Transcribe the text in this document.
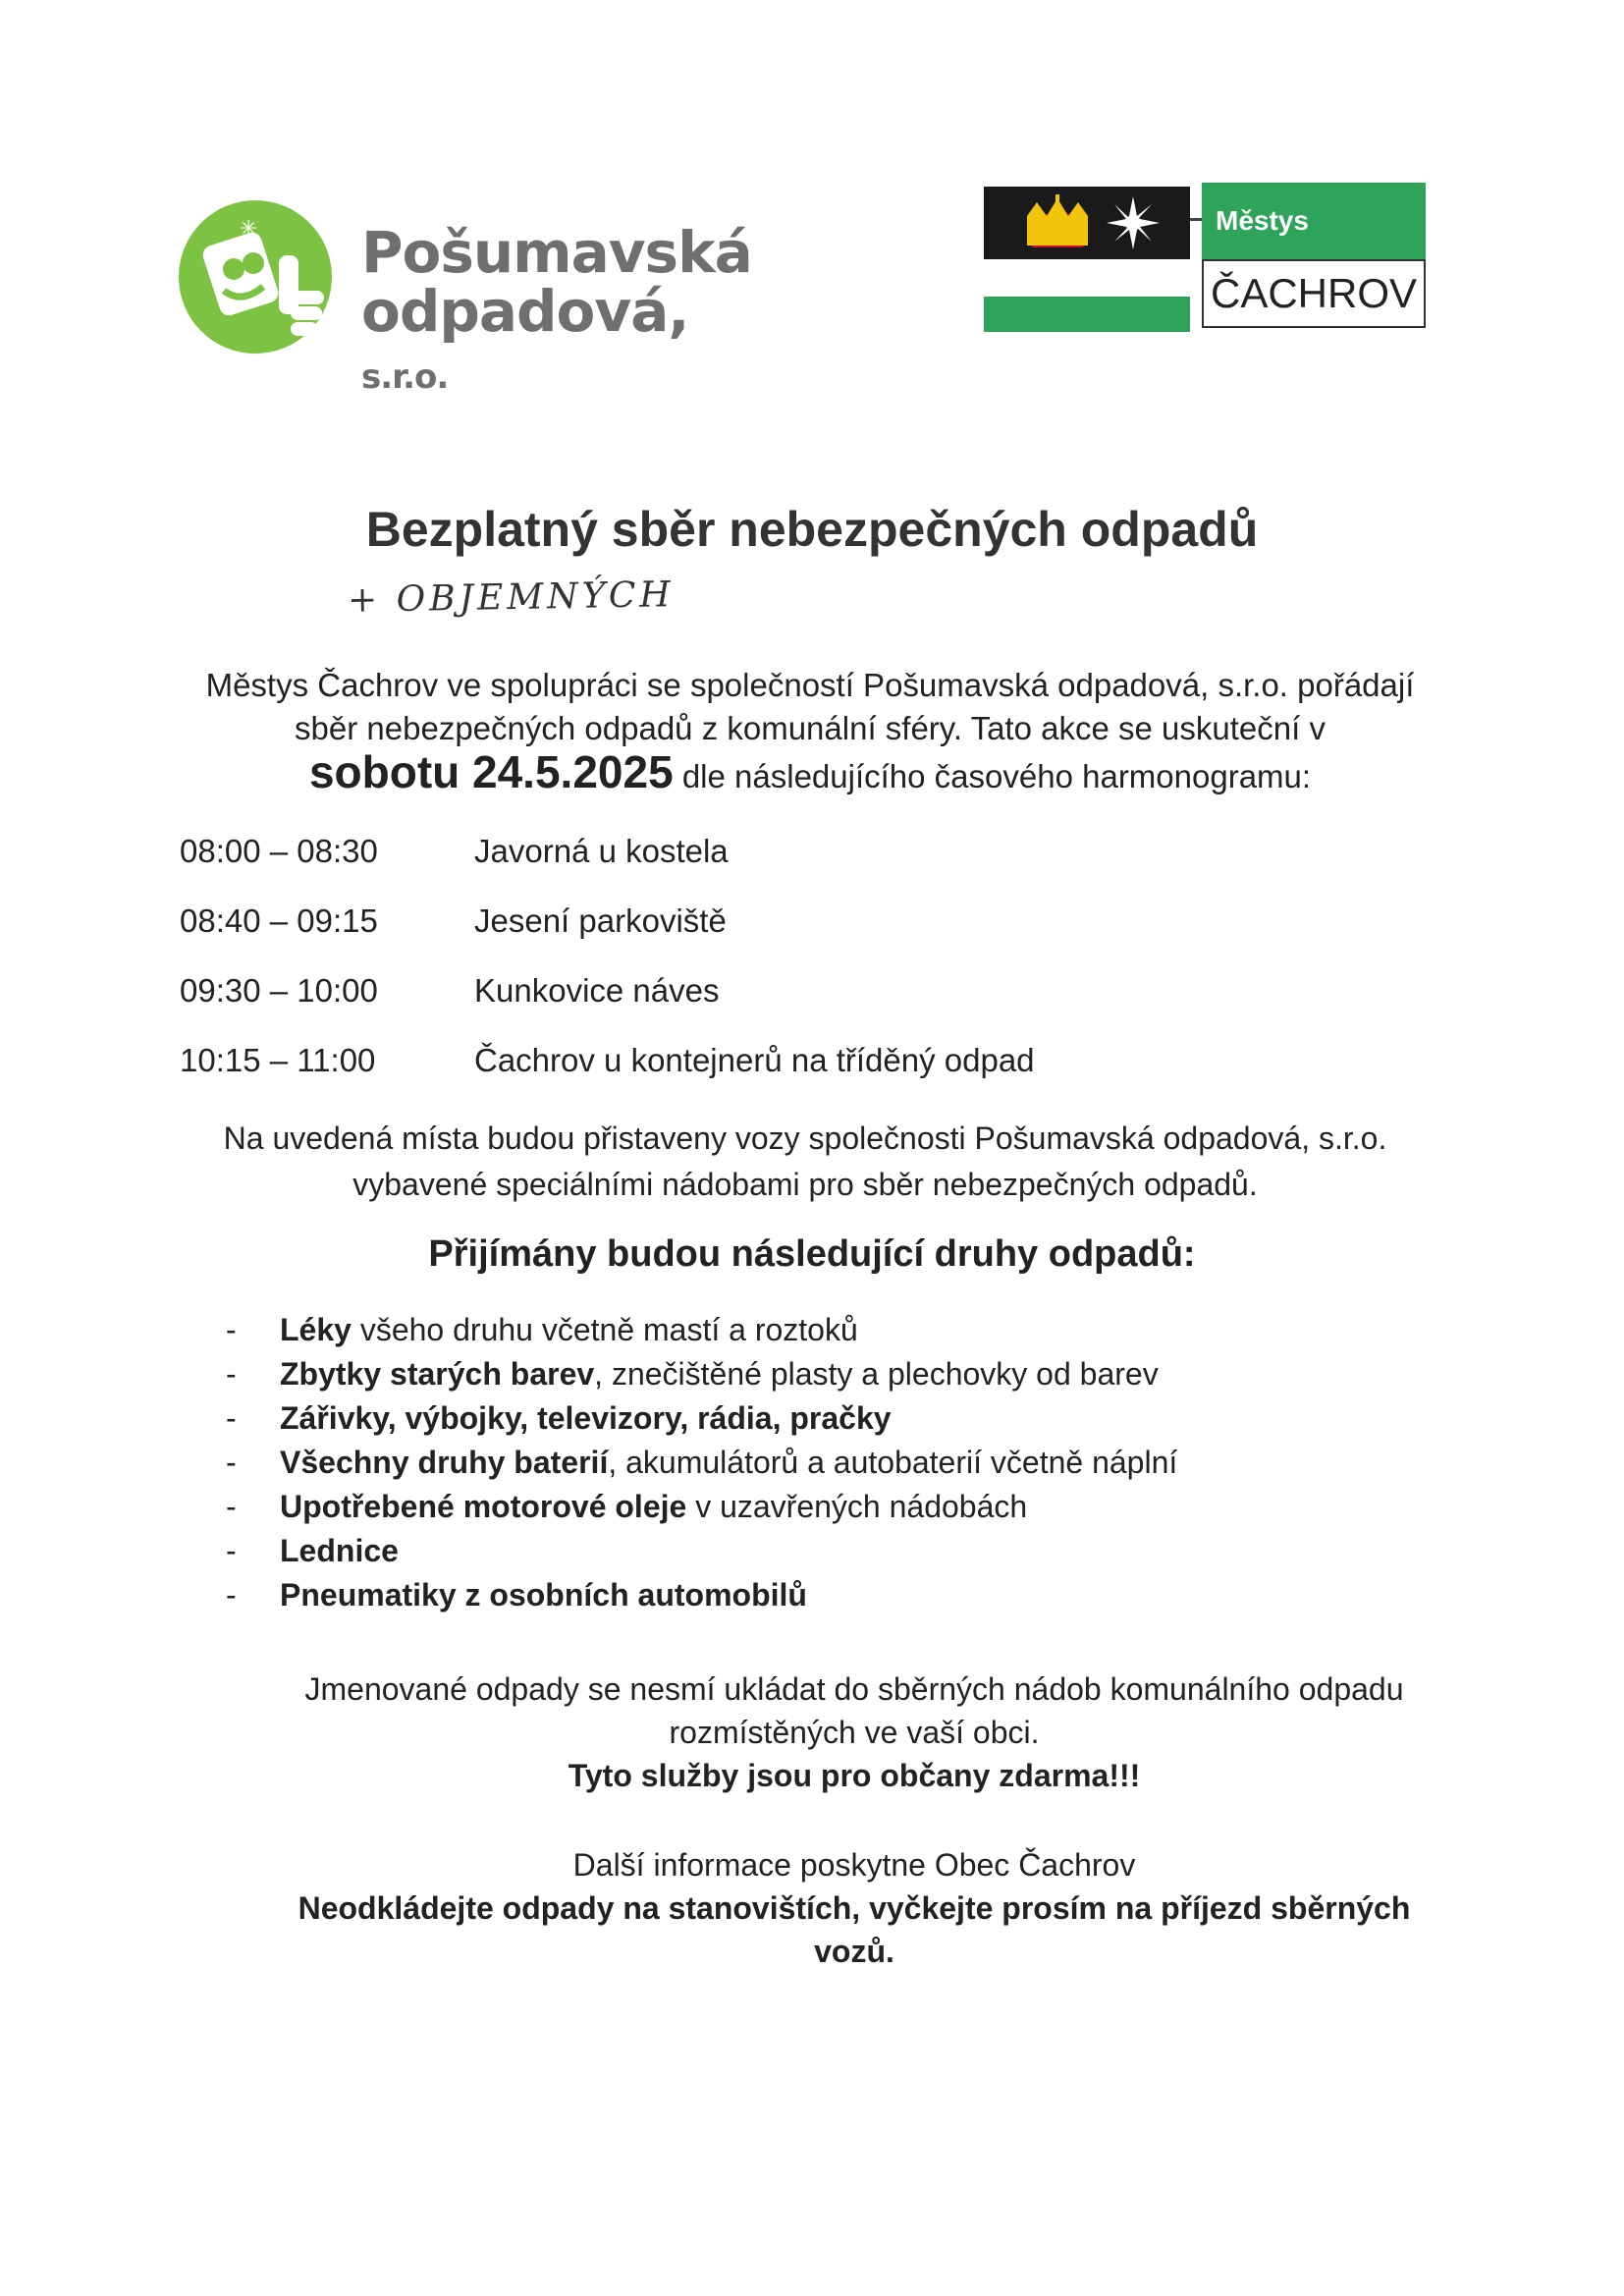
✳ Pošumavská
odpadová, s.r.o.
Městys
ČACHROV
Bezplatný sběr nebezpečných odpadů
+ OBJEMNÝCH
Městys Čachrov ve spolupráci se společností Pošumavská odpadová, s.r.o. pořádají
sběr nebezpečných odpadů z komunální sféry. Tato akce se uskuteční v
sobotu 24.5.2025 dle následujícího časového harmonogramu:
08:00 – 08:30	Javorná u kostela
08:40 – 09:15	Jesení parkoviště
09:30 – 10:00	Kunkovice náves
10:15 – 11:00	Čachrov u kontejnerů na tříděný odpad
Na uvedená místa budou přistaveny vozy společnosti Pošumavská odpadová, s.r.o.
vybavené speciálními nádobami pro sběr nebezpečných odpadů.
Přijímány budou následující druhy odpadů:
- Léky všeho druhu včetně mastí a roztoků
- Zbytky starých barev, znečištěné plasty a plechovky od barev
- Zářivky, výbojky, televizory, rádia, pračky
- Všechny druhy baterií, akumulátorů a autobaterií včetně náplní
- Upotřebené motorové oleje v uzavřených nádobách
- Lednice
- Pneumatiky z osobních automobilů
Jmenované odpady se nesmí ukládat do sběrných nádob komunálního odpadu
rozmístěných ve vaší obci.
Tyto služby jsou pro občany zdarma!!!
Další informace poskytne Obec Čachrov
Neodkládejte odpady na stanovištích, vyčkejte prosím na příjezd sběrných
vozů.
